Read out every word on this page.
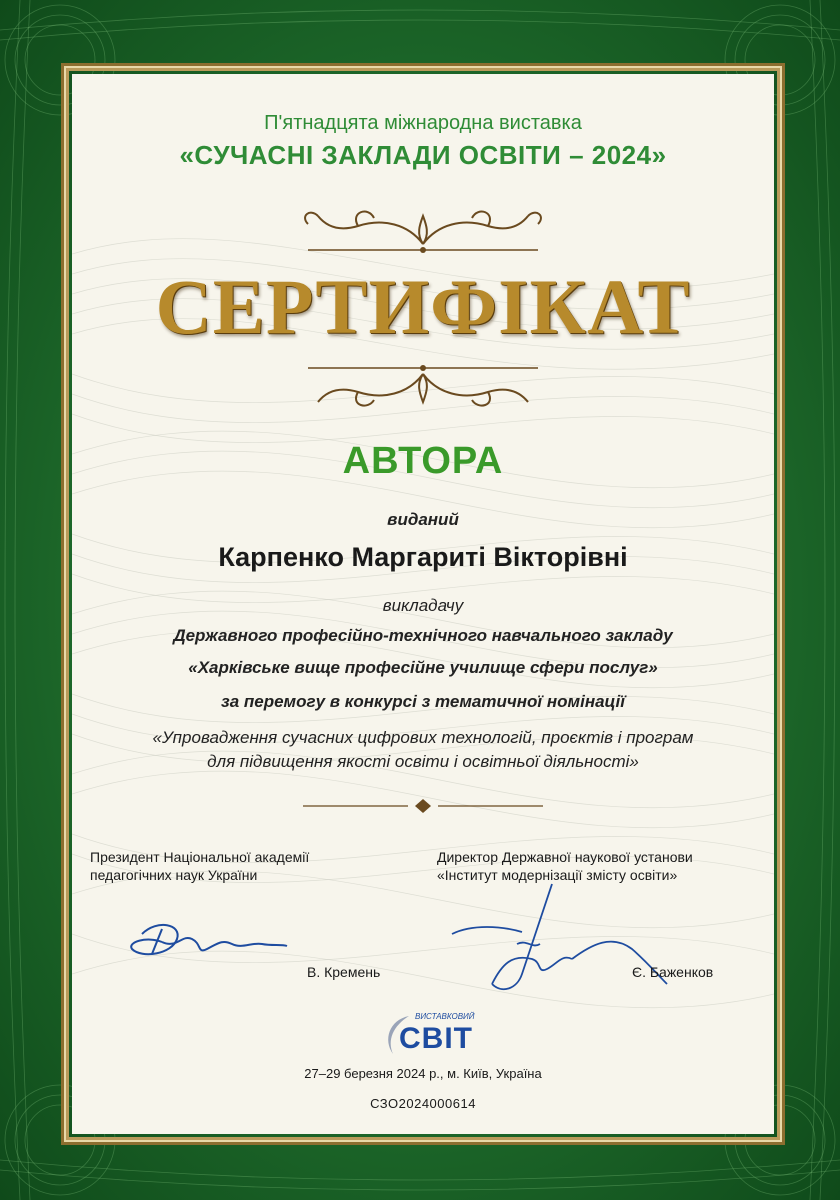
П'ятнадцята міжнародна виставка
«СУЧАСНІ ЗАКЛАДИ ОСВІТИ – 2024»
СЕРТИФІКАТ
АВТОРА
виданий
Карпенко Маргариті Вікторівні
викладачу
Державного професійно-технічного навчального закладу
«Харківське вище професійне училище сфери послуг»
за перемогу в конкурсі з тематичної номінації
«Упровадження сучасних цифрових технологій, проєктів і програм
для підвищення якості освіти і освітньої діяльності»
Президент Національної академії
педагогічних наук України
Директор Державної наукової установи
«Інститут модернізації змісту освіти»
В. Кремень	Є. Баженков
ВИСТАВКОВИЙ
СВІТ
27–29 березня 2024 р., м. Київ, Україна
СЗО2024000614
